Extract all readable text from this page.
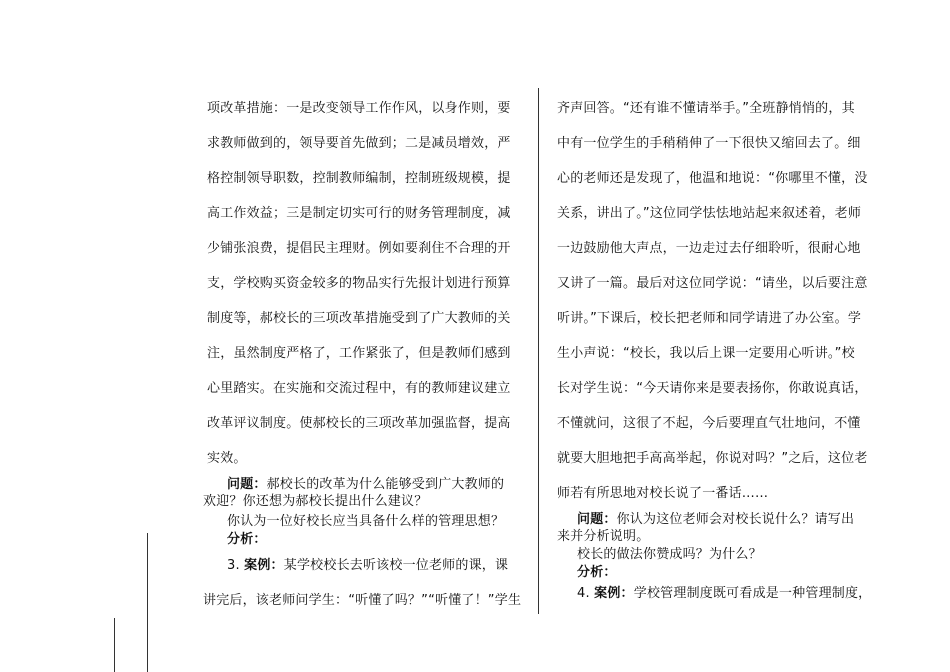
项改革措施：一是改变领导工作作风，以身作则，要
求教师做到的，领导要首先做到；二是减员增效，严
格控制领导职数，控制教师编制，控制班级规模，提
高工作效益；三是制定切实可行的财务管理制度，减
少铺张浪费，提倡民主理财。例如要刹住不合理的开
支，学校购买资金较多的物品实行先报计划进行预算
制度等，郝校长的三项改革措施受到了广大教师的关
注，虽然制度严格了，工作紧张了，但是教师们感到
心里踏实。在实施和交流过程中，有的教师建议建立
改革评议制度。使郝校长的三项改革加强监督，提高
实效。
问题：郝校长的改革为什么能够受到广大教师的
欢迎？你还想为郝校长提出什么建议？
你认为一位好校长应当具备什么样的管理思想？
分析：
3. 案例：某学校校长去听该校一位老师的课，课
讲完后，该老师问学生：“听懂了吗？”“听懂了！”学生
齐声回答。“还有谁不懂请举手。”全班静悄悄的，其
中有一位学生的手稍稍伸了一下很快又缩回去了。细
心的老师还是发现了，他温和地说：“你哪里不懂，没
关系，讲出了。”这位同学怯怯地站起来叙述着，老师
一边鼓励他大声点，一边走过去仔细聆听，很耐心地
又讲了一篇。最后对这位同学说：“请坐，以后要注意
听讲。”下课后，校长把老师和同学请进了办公室。学
生小声说：“校长，我以后上课一定要用心听讲。”校
长对学生说：“今天请你来是要表扬你，你敢说真话，
不懂就问，这很了不起，今后要理直气壮地问，不懂
就要大胆地把手高高举起，你说对吗？”之后，这位老
师若有所思地对校长说了一番话……
问题：你认为这位老师会对校长说什么？请写出
来并分析说明。
校长的做法你赞成吗？为什么？
分析：
4. 案例：学校管理制度既可看成是一种管理制度，
